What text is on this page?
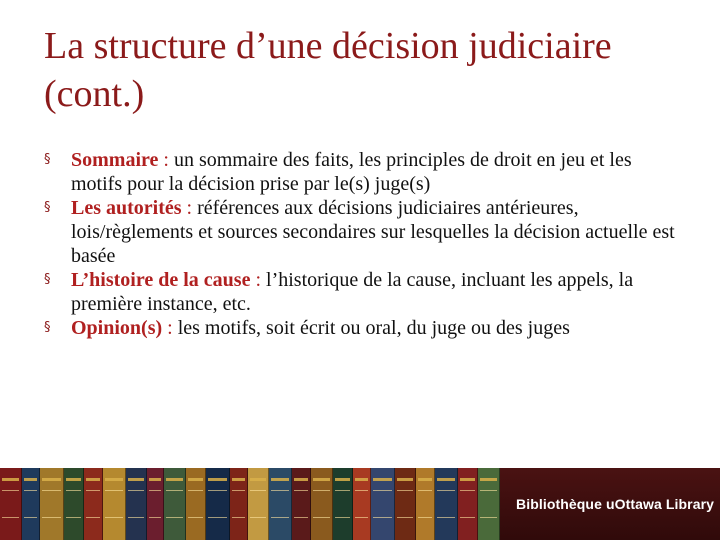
La structure d’une décision judiciaire
(cont.)
§ Sommaire : un sommaire des faits, les principles de droit en jeu et les motifs pour la décision prise par le(s) juge(s)
§ Les autorités : références aux décisions judiciaires antérieures, lois/règlements et sources secondaires sur lesquelles la décision actuelle est basée
§ L’histoire de la cause : l’historique de la cause, incluant les appels, la première instance, etc.
§ Opinion(s) : les motifs, soit écrit ou oral, du juge ou des juges
Bibliothèque uOttawa Library
